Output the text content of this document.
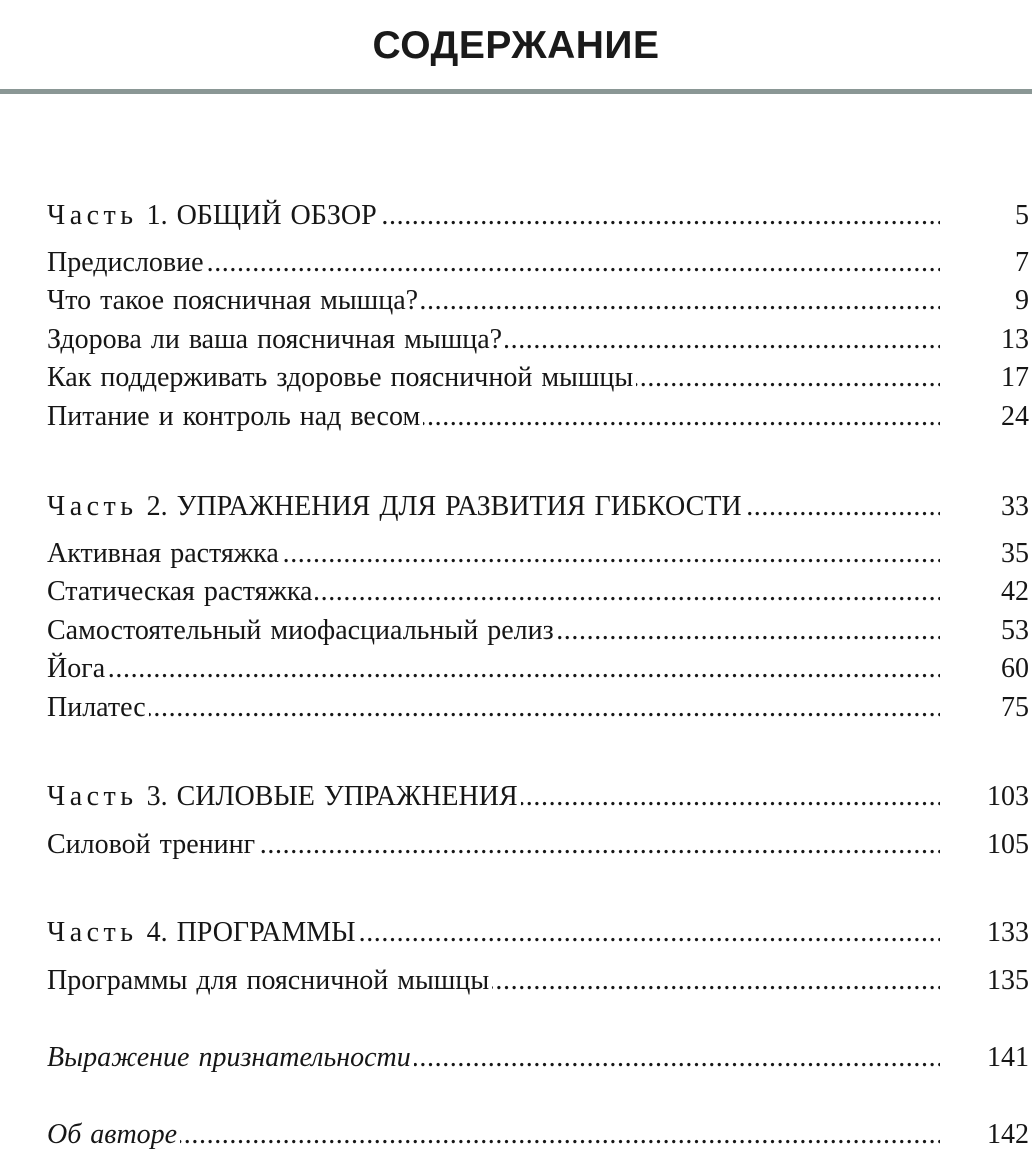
СОДЕРЖАНИЕ
Часть 1. ОБЩИЙ ОБЗОР .....	5
Предисловие .....	7
Что такое поясничная мышца? .....	9
Здорова ли ваша поясничная мышца? .....	13
Как поддерживать здоровье поясничной мышцы .....	17
Питание и контроль над весом .....	24
Часть 2. УПРАЖНЕНИЯ ДЛЯ РАЗВИТИЯ ГИБКОСТИ .....	33
Активная растяжка .....	35
Статическая растяжка .....	42
Самостоятельный миофасциальный релиз .....	53
Йога .....	60
Пилатес .....	75
Часть 3. СИЛОВЫЕ УПРАЖНЕНИЯ .....	103
Силовой тренинг .....	105
Часть 4. ПРОГРАММЫ .....	133
Программы для поясничной мышцы .....	135
Выражение признательности .....	141
Об авторе .....	142
